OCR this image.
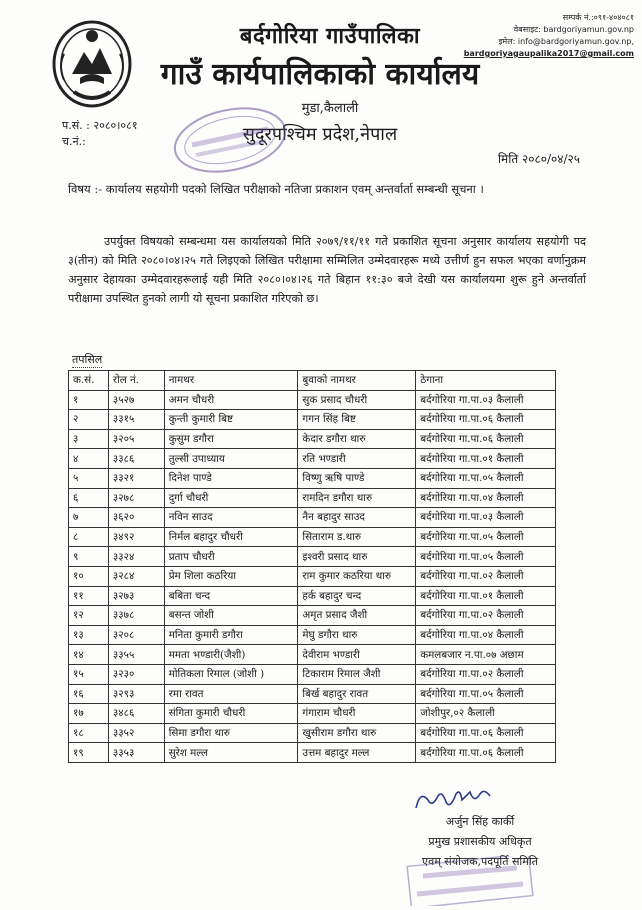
बर्दगोरिया गाउँपालिका
गाउँ कार्यपालिकाको कार्यालय
मुडा,कैलाली
सुदूरपश्चिम प्रदेश,नेपाल
सम्पर्क नं.:०९१-४०४०८१
वेबसाइट: bardgoriyamun.gov.np
इमेल: info@bardgoriyamun.gov.np,
bardgoriyagaupalika2017@gmail.com
प.सं. : २०८०।०८१
च.नं.:
मिति २०८०/०४/२५
विषय :- कार्यालय सहयोगी पदको लिखित परीक्षाको नतिजा प्रकाशन एवम् अन्तर्वार्ता सम्बन्धी सूचना ।
उपर्युक्त विषयको सम्बन्धमा यस कार्यालयको मिति २०७९/११/११ गते प्रकाशित सूचना अनुसार कार्यालय सहयोगी पद ३(तीन) को मिति २०८०।०४।२५ गते लिइएको लिखित परीक्षामा सम्मिलित उम्मेदवारहरू मध्ये उत्तीर्ण हुन सफल भएका वर्णानुक्रम अनुसार देहायका उम्मेदवारहरूलाई यही मिति २०८०।०४।२६ गते बिहान ११:३० बजे देखी यस कार्यालयमा शुरू हुने अन्तर्वार्ता परीक्षामा उपस्थित हुनको लागी यो सूचना प्रकाशित गरिएको छ।
तपसिल
क.सं.	रोल नं.	नामथर	बुवाको नामथर	ठेगाना
१	३५२७	अमन चौधरी	सुक प्रसाद चौधरी	बर्दगोरिया गा.पा.०३ कैलाली
२	३३१५	कुन्ती कुमारी बिष्ट	गगन सिंह बिष्ट	बर्दगोरिया गा.पा.०६ कैलाली
३	३२०५	कुसुम डगौरा	केदार डगौरा थारु	बर्दगोरिया गा.पा.०६ कैलाली
४	३३८६	तुल्सी उपाध्याय	रति भण्डारी	बर्दगोरिया गा.पा.०१ कैलाली
५	३३२१	दिनेश पाण्डे	विष्णु ऋषि पाण्डे	बर्दगोरिया गा.पा.०५ कैलाली
६	३२७८	दुर्गा चौधरी	रामदिन डगौरा थारु	बर्दगोरिया गा.पा.०४ कैलाली
७	३६२०	नविन साउद	नैन बहादुर साउद	बर्दगोरिया गा.पा.०३ कैलाली
८	३४९२	निर्मल बहादुर चौधरी	सिताराम ड.थारु	बर्दगोरिया गा.पा.०५ कैलाली
९	३३२४	प्रताप चौधरी	इश्वरी प्रसाद थारु	बर्दगोरिया गा.पा.०५ कैलाली
१०	३२८४	प्रेम शिला कठरिया	राम कुमार कठरिया थारु	बर्दगोरिया गा.पा.०२ कैलाली
११	३२७३	बबिता चन्द	हर्क बहादुर चन्द	बर्दगोरिया गा.पा.०१ कैलाली
१२	३३७८	बसन्त जोशी	अमृत प्रसाद जैशी	बर्दगोरिया गा.पा.०२ कैलाली
१३	३२०८	मनिता कुमारी डगौरा	मेघु डगौरा थारु	बर्दगोरिया गा.पा.०४ कैलाली
१४	३३५५	ममता भण्डारी(जैशी)	देवीराम भण्डारी	कमलबजार न.पा.०७ अछाम
१५	३२३०	मोतिकला रिमाल (जोशी )	टिकाराम रिमाल जैशी	बर्दगोरिया गा.पा.०२ कैलाली
१६	३२९३	रमा रावत	बिर्ख बहादुर रावत	बर्दगोरिया गा.पा.०५ कैलाली
१७	३४८६	संगिता कुमारी चौधरी	गंगाराम चौधरी	जोशीपुर,०२ कैलाली
१८	३३५२	सिमा डगौरा थारु	खुसीराम डगौरा थारु	बर्दगोरिया गा.पा.०६ कैलाली
१९	३३५३	सुरेश मल्ल	उत्तम बहादुर मल्ल	बर्दगोरिया गा.पा.०६ कैलाली
अर्जुन सिंह कार्की
प्रमुख प्रशासकीय अधिकृत
एवम् संयोजक,पदपूर्ति समिति
